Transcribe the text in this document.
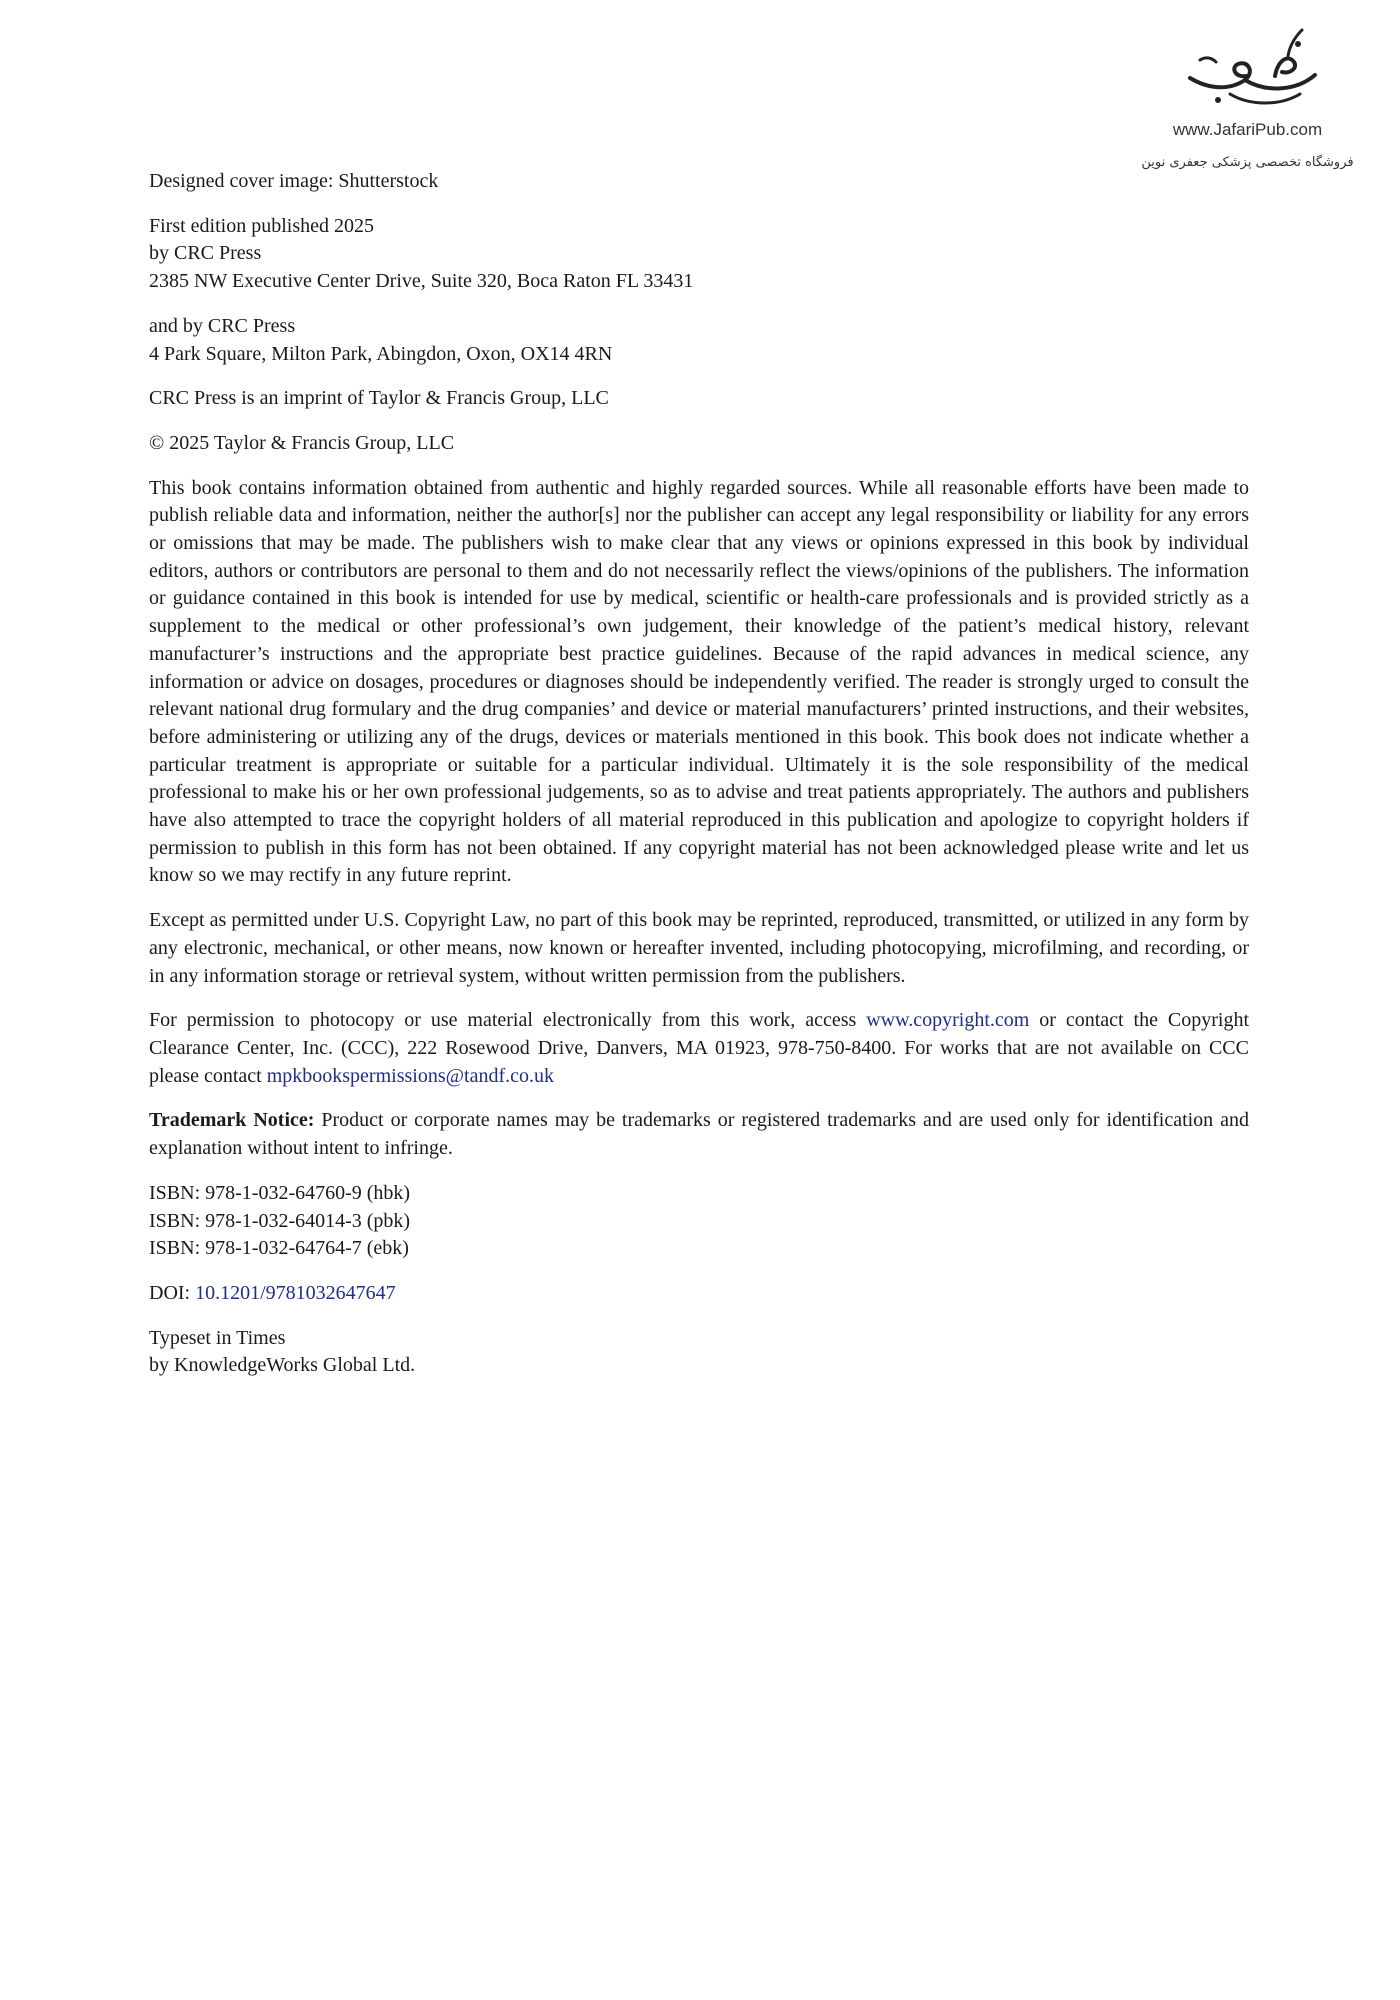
www.JafariPub.com
فروشگاه تخصصی پزشکی جعفری نوین

Designed cover image: Shutterstock

First edition published 2025
by CRC Press
2385 NW Executive Center Drive, Suite 320, Boca Raton FL 33431

and by CRC Press
4 Park Square, Milton Park, Abingdon, Oxon, OX14 4RN

CRC Press is an imprint of Taylor & Francis Group, LLC

© 2025 Taylor & Francis Group, LLC

This book contains information obtained from authentic and highly regarded sources. While all reasonable efforts have been made to publish reliable data and information, neither the author[s] nor the publisher can accept any legal responsibility or liability for any errors or omissions that may be made. The publishers wish to make clear that any views or opinions expressed in this book by individual editors, authors or contributors are personal to them and do not necessarily reflect the views/opinions of the publishers. The information or guidance contained in this book is intended for use by medical, scientific or health-care professionals and is provided strictly as a supplement to the medical or other professional’s own judgement, their knowledge of the patient’s medical history, relevant manufacturer’s instructions and the appropriate best practice guidelines. Because of the rapid advances in medical science, any information or advice on dosages, procedures or diagnoses should be independently verified. The reader is strongly urged to consult the relevant national drug formulary and the drug companies’ and device or material manufacturers’ printed instructions, and their websites, before administering or utilizing any of the drugs, devices or materials mentioned in this book. This book does not indicate whether a particular treatment is appropriate or suitable for a particular individual. Ultimately it is the sole responsibility of the medical professional to make his or her own professional judgements, so as to advise and treat patients appropriately. The authors and publishers have also attempted to trace the copyright holders of all material reproduced in this publication and apologize to copyright holders if permission to publish in this form has not been obtained. If any copyright material has not been acknowledged please write and let us know so we may rectify in any future reprint.

Except as permitted under U.S. Copyright Law, no part of this book may be reprinted, reproduced, transmitted, or utilized in any form by any electronic, mechanical, or other means, now known or hereafter invented, including photocopying, microfilming, and recording, or in any information storage or retrieval system, without written permission from the publishers.

For permission to photocopy or use material electronically from this work, access www.copyright.com or contact the Copyright Clearance Center, Inc. (CCC), 222 Rosewood Drive, Danvers, MA 01923, 978-750-8400. For works that are not available on CCC please contact mpkbookspermissions@tandf.co.uk

Trademark Notice: Product or corporate names may be trademarks or registered trademarks and are used only for identification and explanation without intent to infringe.

ISBN: 978-1-032-64760-9 (hbk)
ISBN: 978-1-032-64014-3 (pbk)
ISBN: 978-1-032-64764-7 (ebk)

DOI: 10.1201/9781032647647

Typeset in Times
by KnowledgeWorks Global Ltd.
